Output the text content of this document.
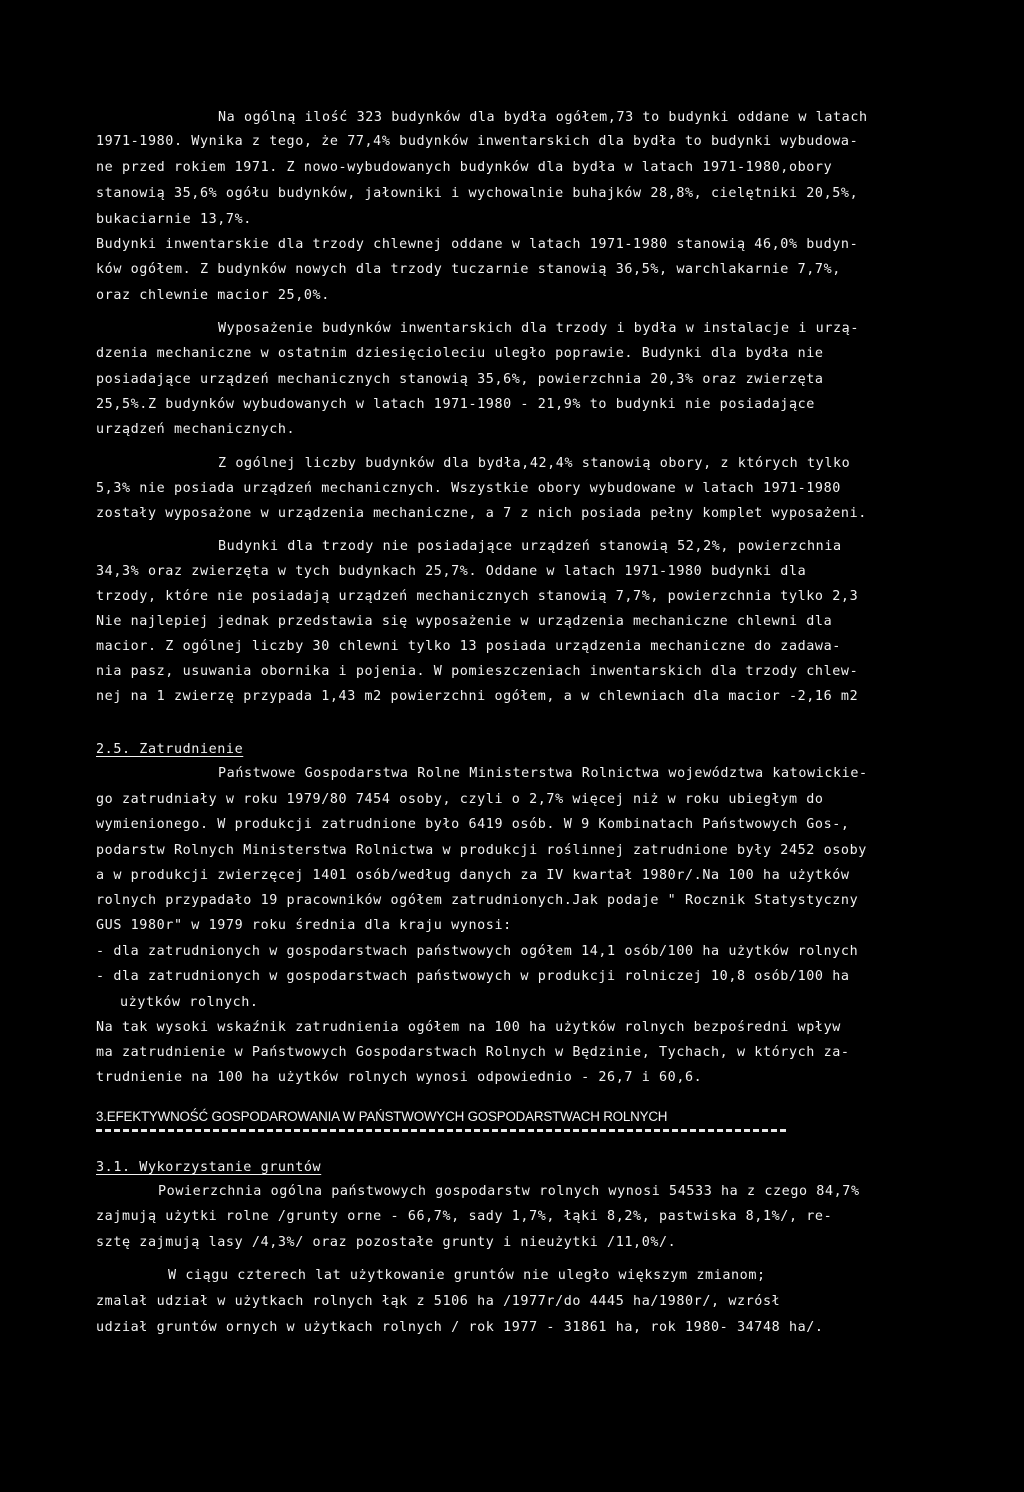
Na ogólną ilość 323 budynków dla bydła ogółem,73 to budynki oddane w latach
1971-1980. Wynika z tego, że 77,4% budynków inwentarskich dla bydła to budynki wybudowa-
ne przed rokiem 1971. Z nowo-wybudowanych budynków dla bydła w latach 1971-1980,obory
stanowią 35,6% ogółu budynków, jałowniki i wychowalnie buhajków 28,8%, cielętniki 20,5%,
bukaciarnie 13,7%.
Budynki inwentarskie dla trzody chlewnej oddane w latach 1971-1980 stanowią 46,0% budyn-
ków ogółem. Z budynków nowych dla trzody tuczarnie stanowią 36,5%, warchlakarnie 7,7%,
oraz chlewnie macior 25,0%.
Wyposażenie budynków inwentarskich dla trzody i bydła w instalacje i urzą-
dzenia mechaniczne w ostatnim dziesięcioleciu uległo poprawie. Budynki dla bydła nie
posiadające urządzeń mechanicznych stanowią 35,6%, powierzchnia 20,3% oraz zwierzęta
25,5%.Z budynków wybudowanych w latach 1971-1980 - 21,9% to budynki nie posiadające
urządzeń mechanicznych.
Z ogólnej liczby budynków dla bydła,42,4% stanowią obory, z których tylko
5,3% nie posiada urządzeń mechanicznych. Wszystkie obory wybudowane w latach 1971-1980
zostały wyposażone w urządzenia mechaniczne, a 7 z nich posiada pełny komplet wyposażeni.
Budynki dla trzody nie posiadające urządzeń stanowią 52,2%, powierzchnia
34,3% oraz zwierzęta w tych budynkach 25,7%. Oddane w latach 1971-1980 budynki dla
trzody, które nie posiadają urządzeń mechanicznych stanowią 7,7%, powierzchnia tylko 2,3
Nie najlepiej jednak przedstawia się wyposażenie w urządzenia mechaniczne chlewni dla
macior. Z ogólnej liczby 30 chlewni tylko 13 posiada urządzenia mechaniczne do zadawa-
nia pasz, usuwania obornika i pojenia. W pomieszczeniach inwentarskich dla trzody chlew-
nej na 1 zwierzę przypada 1,43 m2 powierzchni ogółem, a w chlewniach dla macior -2,16 m2
2.5. Zatrudnienie
Państwowe Gospodarstwa Rolne Ministerstwa Rolnictwa województwa katowickie-
go zatrudniały w roku 1979/80 7454 osoby, czyli o 2,7% więcej niż w roku ubiegłym do
wymienionego. W produkcji zatrudnione było 6419 osób. W 9 Kombinatach Państwowych Gos-,
podarstw Rolnych Ministerstwa Rolnictwa w produkcji roślinnej zatrudnione były 2452 osoby
a w produkcji zwierzęcej 1401 osób/według danych za IV kwartał 1980r/.Na 100 ha użytków
rolnych przypadało 19 pracowników ogółem zatrudnionych.Jak podaje " Rocznik Statystyczny
GUS 1980r" w 1979 roku średnia dla kraju wynosi:
- dla zatrudnionych w gospodarstwach państwowych ogółem 14,1 osób/100 ha użytków rolnych
- dla zatrudnionych w gospodarstwach państwowych w produkcji rolniczej 10,8 osób/100 ha
użytków rolnych.
Na tak wysoki wskaźnik zatrudnienia ogółem na 100 ha użytków rolnych bezpośredni wpływ
ma zatrudnienie w Państwowych Gospodarstwach Rolnych w Będzinie, Tychach, w których za-
trudnienie na 100 ha użytków rolnych wynosi odpowiednio - 26,7 i 60,6.
3.EFEKTYWNOŚĆ GOSPODAROWANIA W PAŃSTWOWYCH GOSPODARSTWACH ROLNYCH
3.1. Wykorzystanie gruntów
Powierzchnia ogólna państwowych gospodarstw rolnych wynosi 54533 ha z czego 84,7%
zajmują użytki rolne /grunty orne - 66,7%, sady 1,7%, łąki 8,2%, pastwiska 8,1%/, re-
sztę zajmują lasy /4,3%/ oraz pozostałe grunty i nieużytki /11,0%/.
W ciągu czterech lat użytkowanie gruntów nie uległo większym zmianom;
zmalał udział w użytkach rolnych łąk z 5106 ha /1977r/do 4445 ha/1980r/, wzrósł
udział gruntów ornych w użytkach rolnych / rok 1977 - 31861 ha, rok 1980- 34748 ha/.
